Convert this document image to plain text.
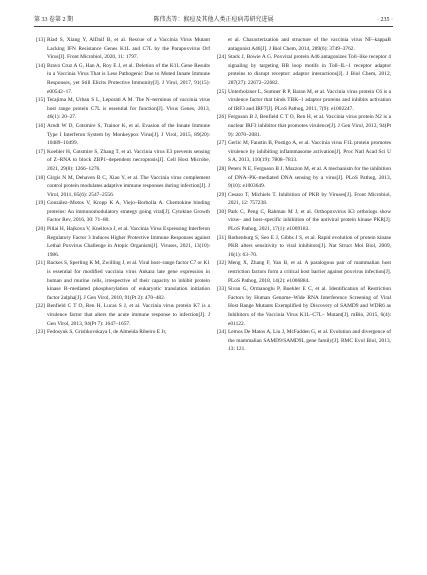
第 33 卷第 2 期	陈伟杰等：猴痘及其他人类正痘病毒研究进展	· 235 ·
[13] Riad S, Xiang Y, AlDaif B, et al. Rescue of a Vaccinia Virus Mutant Lacking IFN Resistance Genes K1L and C7L by the Parapoxvirus Orf Virus[J]. Front Microbiol, 2020, 11: 1797.
[14] Bravo Cruz A G, Han A, Roy E J, et al. Deletion of the K1L Gene Results in a Vaccinia Virus That is Less Pathogenic Due to Muted Innate Immune Responses, yet Still Elicits Protective Immunity[J]. J Virol, 2017, 91(15): e00542–17.
[15] Terajima M, Urban S L, Leporati A M. The N–terminus of vaccinia virus host range protein C7L is essential for function[J]. Virus Genes, 2013, 46(1): 20–27.
[16] Arndt W D, Cotsmire S, Trainor K, et al. Evasion of the Innate Immune Type I Interferon System by Monkeypox Virus[J]. J Virol, 2015, 89(20): 10489–10499.
[17] Koehler H, Cotsmire S, Zhang T, et al. Vaccinia virus E3 prevents sensing of Z–RNA to block ZBP1–dependent necroptosis[J]. Cell Host Microbe, 2021, 29(8): 1266–1276.
[18] Girgis N M, Dehaven B C, Xiao Y, et al. The Vaccinia virus complement control protein modulates adaptive immune responses during infection[J]. J Virol, 2011, 85(6): 2547–2556.
[19] González–Motos V, Kropp K A, Viejo–Borbolla A. Chemokine binding proteins: An immunomodulatory strategy going viral[J]. Cytokine Growth Factor Rev, 2016, 30: 71–80.
[20] Pillai H, Hajkova V, Kneilova J, et al. Vaccinia Virus Expressing Interferon Regulatory Factor 3 Induces Higher Protective Immune Responses against Lethal Poxvirus Challenge in Atopic Organism[J]. Viruses, 2021, 13(10): 1986.
[21] Backes S, Sperling K M, Zwilling J, et al. Viral host–range factor C7 or K1 is essential for modified vaccinia virus Ankara late gene expression in human and murine cells, irrespective of their capacity to inhibit protein kinase R–mediated phosphorylation of eukaryotic translation initiation factor 2alpha[J]. J Gen Virol, 2010, 91(Pt 2): 470–482.
[22] Benfield C T O, Ren H, Lucas S J, et al. Vaccinia virus protein K7 is a virulence factor that alters the acute immune response to infection[J]. J Gen Virol, 2013, 94(Pt 7): 1647–1657.
[23] Fedosyuk S, Grishkovskaya I, de Almeida Ribeiro E Jr,
et al. Characterization and structure of the vaccinia virus NF–kappaB antagonist A46[J]. J Biol Chem, 2014, 289(6): 3749–3762.
[24] Stack J, Bowie A G. Poxviral protein A46 antagonizes Toll–like receptor 4 signaling by targeting BB loop motifs in Toll–IL–1 receptor adaptor proteins to disrupt receptor: adaptor interactions[J]. J Biol Chem, 2012, 287(27): 22672–22682.
[25] Unterholzner L, Sumner R P, Baran M, et al. Vaccinia virus protein C6 is a virulence factor that binds TBK–1 adaptor proteins and inhibits activation of IRF3 and IRF7[J]. PLoS Pathog, 2011, 7(9): e1002247.
[26] Ferguson B J, Benfield C T O, Ren H, et al. Vaccinia virus protein N2 is a nuclear IRF3 inhibitor that promotes virulence[J]. J Gen Virol, 2013, 94(Pt 9): 2070–2081.
[27] Gerlic M, Faustin B, Postigo A, et al. Vaccinia virus F1L protein promotes virulence by inhibiting inflammasome activation[J]. Proc Natl Acad Sci U S A, 2013, 110(19): 7808–7813.
[28] Peters N E, Ferguson B J, Mazzon M, et al. A mechanism for the inhibition of DNA–PK–mediated DNA sensing by a virus[J]. PLoS Pathog, 2013, 9(10): e1003649.
[29] Cesaro T, Michiels T. Inhibition of PKR by Viruses[J]. Front Microbiol, 2021, 12: 757238.
[30] Park C, Peng C, Rahman M J, et al. Orthopoxvirus K3 orthologs show virus– and host–specific inhibition of the antiviral protein kinase PKR[J]. PLoS Pathog, 2021, 17(1): e1009183.
[31] Rothenburg S, Seo E J, Gibbs J S, et al. Rapid evolution of protein kinase PKR alters sensitivity to viral inhibitors[J]. Nat Struct Mol Biol, 2009, 16(1): 63–70.
[32] Meng X, Zhang F, Yan B, et al. A paralogous pair of mammalian host restriction factors form a critical host barrier against poxvirus infection[J]. PLoS Pathog, 2018, 14(2): e1006884.
[33] Sivan G, Ormanoglu P, Buehler E C, et al. Identification of Restriction Factors by Human Genome–Wide RNA Interference Screening of Viral Host Range Mutants Exemplified by Discovery of SAMD9 and WDR6 as Inhibitors of the Vaccinia Virus K1L–C7L– Mutant[J]. mBio, 2015, 6(4): e01122.
[34] Lemos De Matos A, Liu J, McFadden G, et al. Evolution and divergence of the mammalian SAMD9/SAMD9L gene family[J]. BMC Evol Biol, 2013, 13: 121.
